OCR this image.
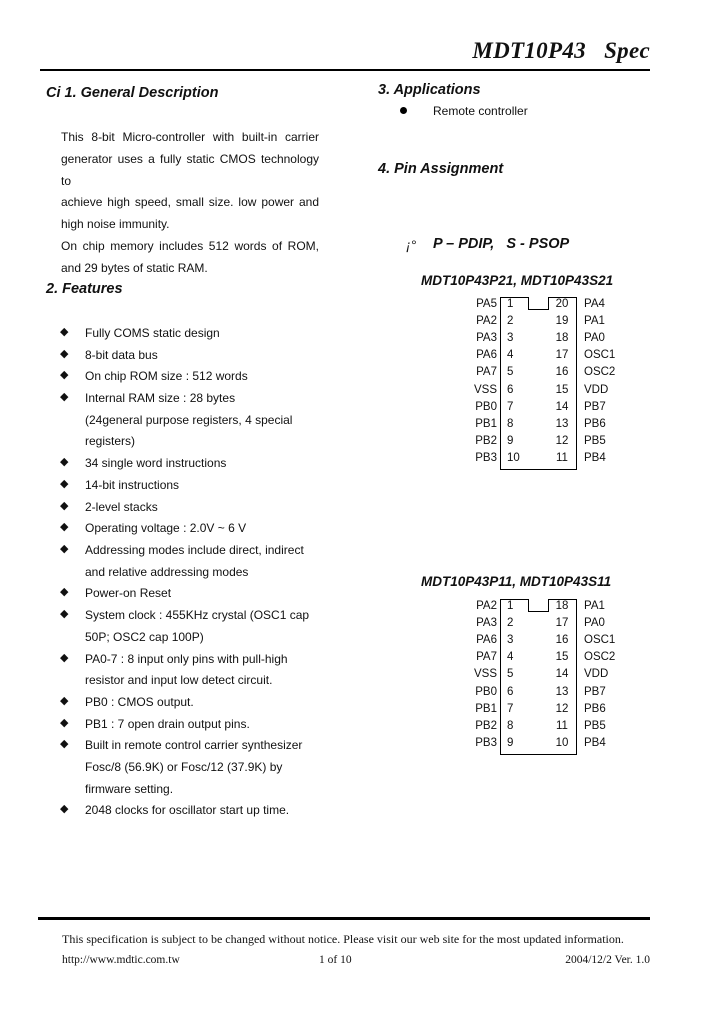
MDT10P43   Spec
Ci 1. General Description
This 8-bit Micro-controller with built-in carrier
generator uses a fully static CMOS technology to
achieve high speed, small size. low power and
high noise immunity.
On chip memory includes 512 words of ROM,
and 29 bytes of static RAM.
2. Features
◆ Fully COMS static design
◆ 8-bit data bus
◆ On chip ROM size : 512 words
◆ Internal RAM size : 28 bytes
(24general purpose registers, 4 special
registers)
◆ 34 single word instructions
◆ 14-bit instructions
◆ 2-level stacks
◆ Operating voltage : 2.0V ~ 6 V
◆ Addressing modes include direct, indirect
and relative addressing modes
◆ Power-on Reset
◆ System clock : 455KHz crystal (OSC1 cap
50P; OSC2 cap 100P)
◆ PA0-7 : 8 input only pins with pull-high
resistor and input low detect circuit.
◆ PB0 : CMOS output.
◆ PB1 : 7 open drain output pins.
◆ Built in remote control carrier synthesizer
Fosc/8 (56.9K) or Fosc/12 (37.9K) by
firmware setting.
◆ 2048 clocks for oscillator start up time.
3. Applications
Remote controller
4. Pin Assignment
¡° P – PDIP,   S - PSOP
MDT10P43P21, MDT10P43S21
PA5 1	20	PA4
PA2 2	19	PA1
PA3 3	18	PA0
PA6 4	17	OSC1
PA7 5	16	OSC2
VSS 6	15	VDD
PB0 7	14	PB7
PB1 8	13	PB6
PB2 9	12	PB5
PB3 10	11	PB4
MDT10P43P11, MDT10P43S11
PA2 1	18	PA1
PA3 2	17	PA0
PA6 3	16	OSC1
PA7 4	15	OSC2
VSS 5	14	VDD
PB0 6	13	PB7
PB1 7	12	PB6
PB2 8	11	PB5
PB3 9	10	PB4
This specification is subject to be changed without notice. Please visit our web site for the most updated information.
http://www.mdtic.com.tw	1 of 10	2004/12/2 Ver. 1.0
